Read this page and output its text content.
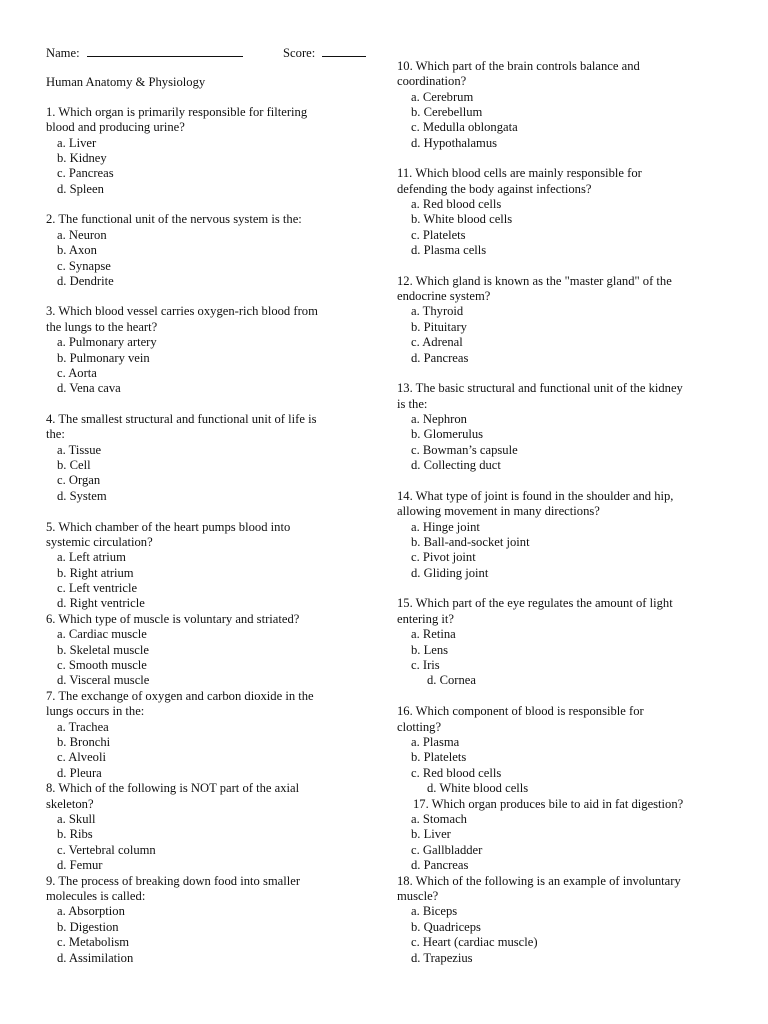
Name:	Score:
Human Anatomy & Physiology
1. Which organ is primarily responsible for filtering
blood and producing urine?
a. Liver
b. Kidney
c. Pancreas
d. Spleen
2. The functional unit of the nervous system is the:
a. Neuron
b. Axon
c. Synapse
d. Dendrite
3. Which blood vessel carries oxygen-rich blood from
the lungs to the heart?
a. Pulmonary artery
b. Pulmonary vein
c. Aorta
d. Vena cava
4. The smallest structural and functional unit of life is
the:
a. Tissue
b. Cell
c. Organ
d. System
5. Which chamber of the heart pumps blood into
systemic circulation?
a. Left atrium
b. Right atrium
c. Left ventricle
d. Right ventricle
6. Which type of muscle is voluntary and striated?
a. Cardiac muscle
b. Skeletal muscle
c. Smooth muscle
d. Visceral muscle
7. The exchange of oxygen and carbon dioxide in the
lungs occurs in the:
a. Trachea
b. Bronchi
c. Alveoli
d. Pleura
8. Which of the following is NOT part of the axial
skeleton?
a. Skull
b. Ribs
c. Vertebral column
d. Femur
9. The process of breaking down food into smaller
molecules is called:
a. Absorption
b. Digestion
c. Metabolism
d. Assimilation
10. Which part of the brain controls balance and
coordination?
a. Cerebrum
b. Cerebellum
c. Medulla oblongata
d. Hypothalamus
11. Which blood cells are mainly responsible for
defending the body against infections?
a. Red blood cells
b. White blood cells
c. Platelets
d. Plasma cells
12. Which gland is known as the "master gland" of the
endocrine system?
a. Thyroid
b. Pituitary
c. Adrenal
d. Pancreas
13. The basic structural and functional unit of the kidney
is the:
a. Nephron
b. Glomerulus
c. Bowman’s capsule
d. Collecting duct
14. What type of joint is found in the shoulder and hip,
allowing movement in many directions?
a. Hinge joint
b. Ball-and-socket joint
c. Pivot joint
d. Gliding joint
15. Which part of the eye regulates the amount of light
entering it?
a. Retina
b. Lens
c. Iris
d. Cornea
16. Which component of blood is responsible for
clotting?
a. Plasma
b. Platelets
c. Red blood cells
d. White blood cells
17. Which organ produces bile to aid in fat digestion?
a. Stomach
b. Liver
c. Gallbladder
d. Pancreas
18. Which of the following is an example of involuntary
muscle?
a. Biceps
b. Quadriceps
c. Heart (cardiac muscle)
d. Trapezius
